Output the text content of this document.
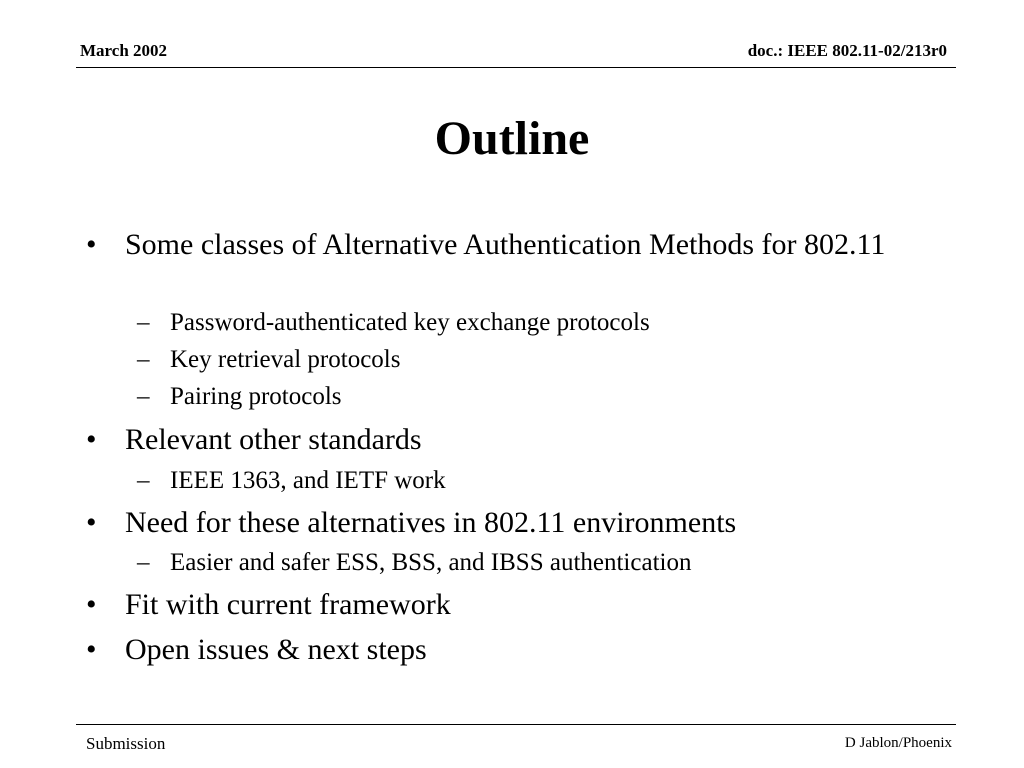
March 2002	doc.: IEEE 802.11-02/213r0
Outline
• Some classes of Alternative Authentication Methods for 802.11
– Password-authenticated key exchange protocols
– Key retrieval protocols
– Pairing protocols
• Relevant other standards
– IEEE 1363, and IETF work
• Need for these alternatives in 802.11 environments
– Easier and safer ESS, BSS, and IBSS authentication
• Fit with current framework
• Open issues & next steps
Submission	D Jablon/Phoenix
